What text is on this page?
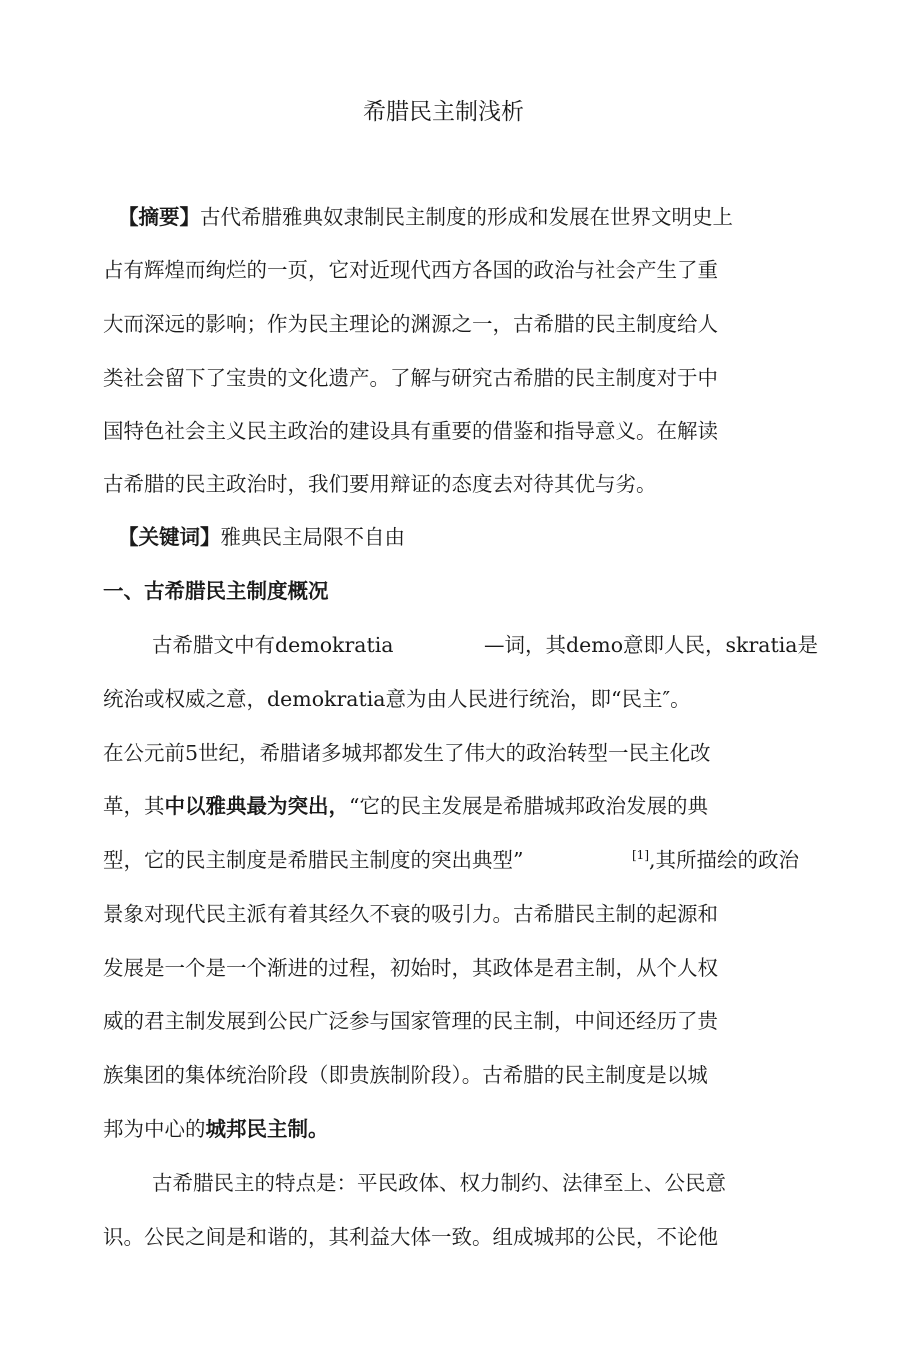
希腊民主制浅析
【摘要】古代希腊雅典奴隶制民主制度的形成和发展在世界文明史上
占有辉煌而绚烂的一页，它对近现代西方各国的政治与社会产生了重
大而深远的影响；作为民主理论的渊源之一，古希腊的民主制度给人
类社会留下了宝贵的文化遗产。了解与研究古希腊的民主制度对于中
国特色社会主义民主政治的建设具有重要的借鉴和指导意义。在解读
古希腊的民主政治时，我们要用辩证的态度去对待其优与劣。
【关键词】雅典民主局限不自由
一、古希腊民主制度概况
古希腊文中有demokratia	—词，其demo意即人民，skratia是
统治或权威之意，demokratia意为由人民进行统治，即“民主″。
在公元前5世纪，希腊诸多城邦都发生了伟大的政治转型一民主化改
革，其中以雅典最为突出，“它的民主发展是希腊城邦政治发展的典
型，它的民主制度是希腊民主制度的突出典型”	[1],其所描绘的政治
景象对现代民主派有着其经久不衰的吸引力。古希腊民主制的起源和
发展是一个是一个渐进的过程，初始时，其政体是君主制，从个人权
威的君主制发展到公民广泛参与国家管理的民主制，中间还经历了贵
族集团的集体统治阶段（即贵族制阶段）。古希腊的民主制度是以城
邦为中心的城邦民主制。
古希腊民主的特点是：平民政体、权力制约、法律至上、公民意
识。公民之间是和谐的，其利益大体一致。组成城邦的公民，不论他
